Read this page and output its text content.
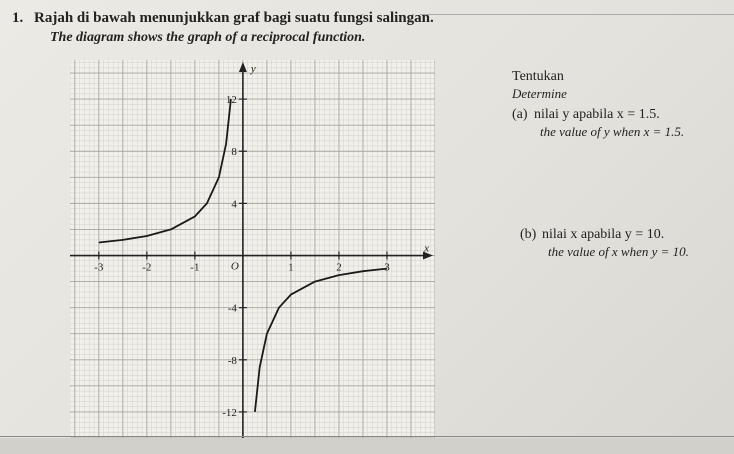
1. Rajah di bawah menunjukkan graf bagi suatu fungsi salingan.
The diagram shows the graph of a reciprocal function.
x
y
O
-3	-2	-1	1	2	3
12
8
4
-4
-8
-12
Tentukan
Determine
(a) nilai y apabila x = 1.5.
the value of y when x = 1.5.
(b) nilai x apabila y = 10.
the value of x when y = 10.
